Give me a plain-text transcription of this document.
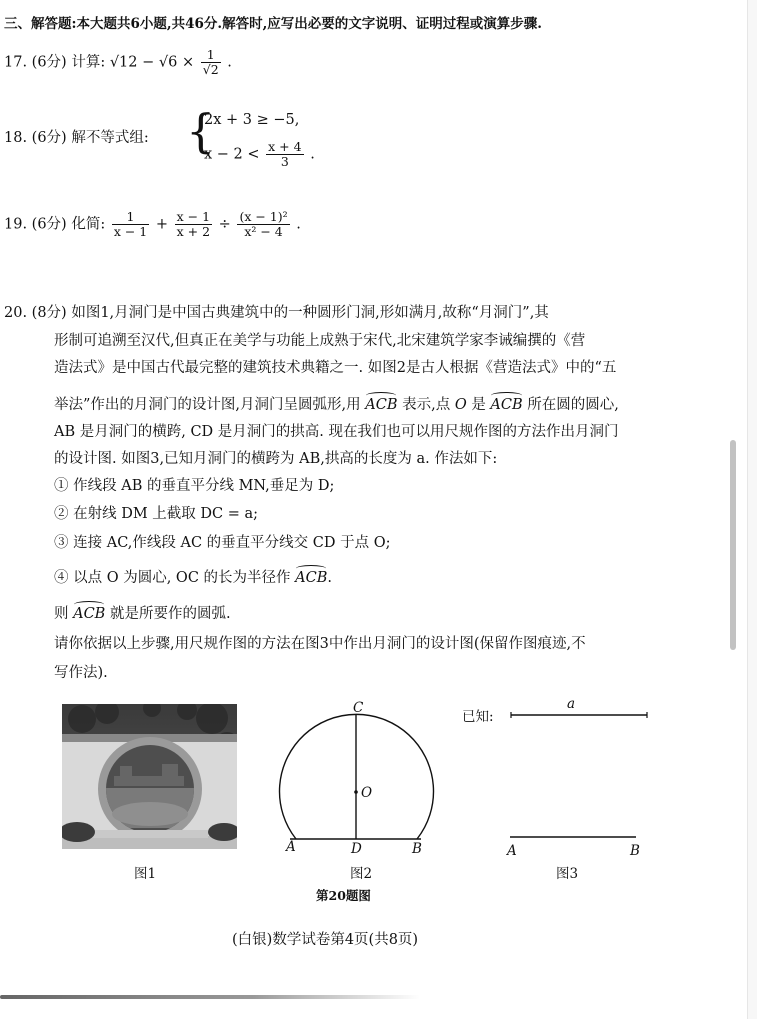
三、解答题:本大题共6小题,共46分.解答时,应写出必要的文字说明、证明过程或演算步骤.
17. (6分) 计算: $√12 - √6 \times \frac{1}{√2}$ .
18. (6分) 解不等式组: {
2x + 3 ≥ −5,
$x - 2 < \frac{x + 4}{3}$ .
19. (6分) 化简: $\frac{1}{x - 1} + \frac{x - 1}{x + 2} \div \frac{\text{(x − 1)²}}{\text{x² − 4}}$ .
20. (8分) 如图1,月洞门是中国古典建筑中的一种圆形门洞,形如满月,故称“月洞门”,其
形制可追溯至汉代,但真正在美学与功能上成熟于宋代,北宋建筑学家李诫编撰的《营
造法式》是中国古代最完整的建筑技术典籍之一. 如图2是古人根据《营造法式》中的“五
举法”作出的月洞门的设计图,月洞门呈圆弧形,用 ACB 表示,点 O 是 ACB 所在圆的圆心,
AB 是月洞门的横跨, CD 是月洞门的拱高. 现在我们也可以用尺规作图的方法作出月洞门
的设计图. 如图3,已知月洞门的横跨为 AB,拱高的长度为 a. 作法如下:
① 作线段 AB 的垂直平分线 MN,垂足为 D;
② 在射线 DM 上截取 DC = a;
③ 连接 AC,作线段 AC 的垂直平分线交 CD 于点 O;
④ 以点 O 为圆心, OC 的长为半径作 ACB.
则 ACB 就是所要作的圆弧.
请你依据以上步骤,用尺规作图的方法在图3中作出月洞门的设计图(保留作图痕迹,不
写作法).
图1
C
O
A	D	B
图2
已知:
a
A	B
图3
第20题图
(白银)数学试卷第4页(共8页)
